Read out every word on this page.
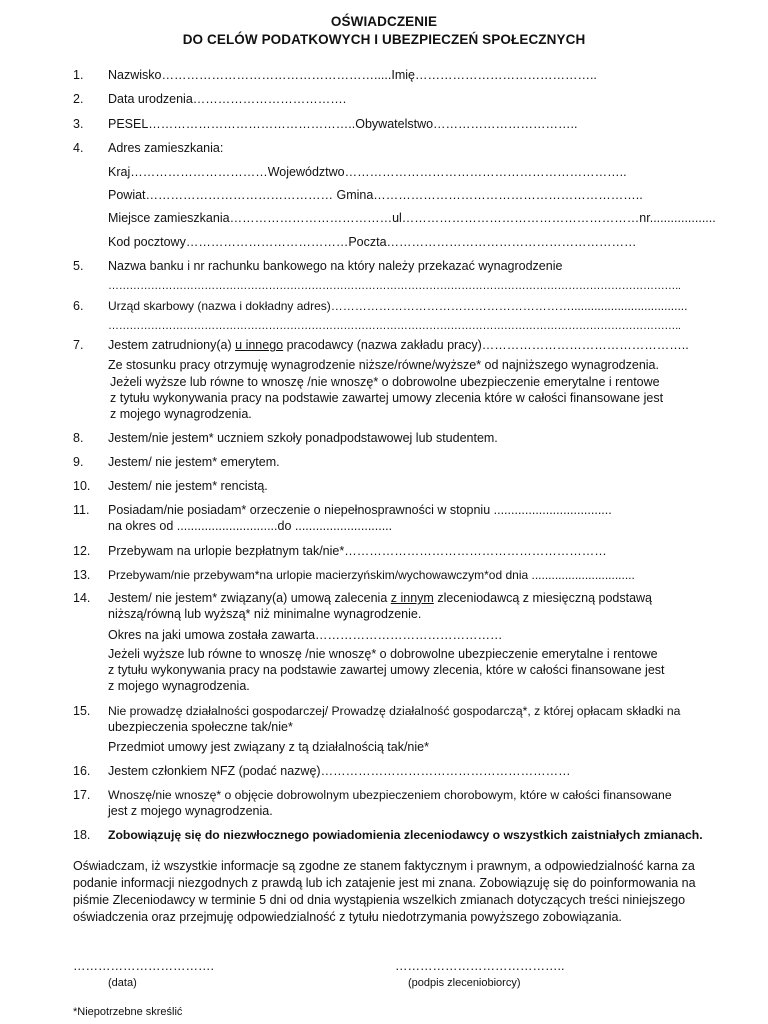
OŚWIADCZENIE
DO CELÓW PODATKOWYCH I UBEZPIECZEŃ SPOŁECZNYCH
1. Nazwisko…………………………………………….....Imię……………………………………..
2. Data urodzenia……………………………….
3. PESEL…………………………………………..Obywatelstwo……………………………..
4. Adres zamieszkania:
Kraj……………………………Województwo…………………………………………………………..
Powiat……………………………………… Gmina………………………………………………………..
Miejsce zamieszkania…………………………………ul…………………………………………………nr...................
Kod pocztowy…………………………………Poczta……………………………………………………
5. Nazwa banku i nr rachunku bankowego na który należy przekazać wynagrodzenie
……………………………………………………………………………………………………………………………………………..
6. Urząd skarbowy (nazwa i dokładny adres)……………………………………………………...................................
……………………………………………………………………………………………………………………………………………..
7. Jestem zatrudniony(a) u innego pracodawcy (nazwa zakładu pracy)…………………………………………..
Ze stosunku pracy otrzymuję wynagrodzenie niższe/równe/wyższe* od najniższego wynagrodzenia.
Jeżeli wyższe lub równe to wnoszę /nie wnoszę* o dobrowolne ubezpieczenie emerytalne i rentowe
z tytułu wykonywania pracy na podstawie zawartej umowy zlecenia które w całości finansowane jest
z mojego wynagrodzenia.
8. Jestem/nie jestem* uczniem szkoły ponadpodstawowej lub studentem.
9. Jestem/ nie jestem* emerytem.
10. Jestem/ nie jestem* rencistą.
11. Posiadam/nie posiadam* orzeczenie o niepełnosprawności w stopniu ..................................
na okres od .............................do ............................
12. Przebywam na urlopie bezpłatnym tak/nie*………………………………………………………
13. Przebywam/nie przebywam*na urlopie macierzyńskim/wychowawczym*od dnia ...............................
14. Jestem/ nie jestem* związany(a) umową zalecenia z innym zleceniodawcą z miesięczną podstawą
niższą/równą lub wyższą* niż minimalne wynagrodzenie.
Okres na jaki umowa została zawarta………………………………………
Jeżeli wyższe lub równe to wnoszę /nie wnoszę* o dobrowolne ubezpieczenie emerytalne i rentowe
z tytułu wykonywania pracy na podstawie zawartej umowy zlecenia, które w całości finansowane jest
z mojego wynagrodzenia.
15. Nie prowadzę działalności gospodarczej/ Prowadzę działalność gospodarczą*, z której opłacam składki na
ubezpieczenia społeczne tak/nie*
Przedmiot umowy jest związany z tą działalnością tak/nie*
16. Jestem członkiem NFZ (podać nazwę)……………………………………………………
17. Wnoszę/nie wnoszę* o objęcie dobrowolnym ubezpieczeniem chorobowym, które w całości finansowane
jest z mojego wynagrodzenia.
18. Zobowiązuję się do niezwłocznego powiadomienia zleceniodawcy o wszystkich zaistniałych zmianach.
Oświadczam, iż wszystkie informacje są zgodne ze stanem faktycznym i prawnym, a odpowiedzialność karna za
podanie informacji niezgodnych z prawdą lub ich zatajenie jest mi znana. Zobowiązuję się do poinformowania na
piśmie Zleceniodawcy w terminie 5 dni od dnia wystąpienia wszelkich zmianach dotyczących treści niniejszego
oświadczenia oraz przejmuję odpowiedzialność z tytułu niedotrzymania powyższego zobowiązania.
…………………………….
(data)
…………………………………..
(podpis zleceniobiorcy)
*Niepotrzebne skreślić
